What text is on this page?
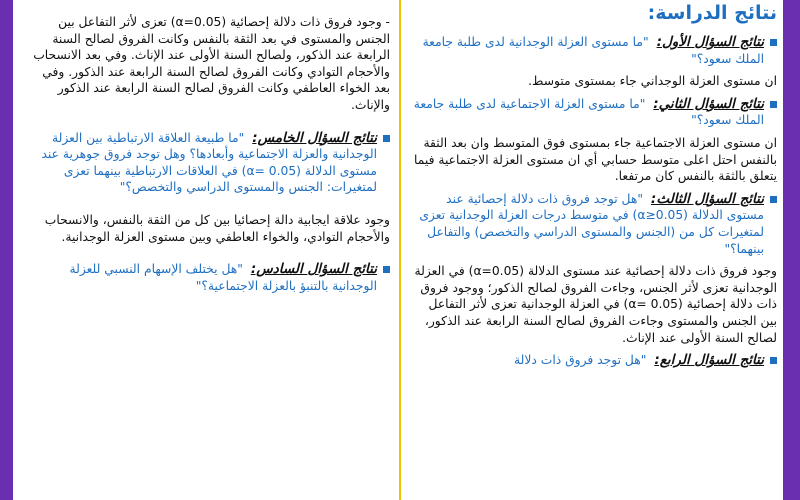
نتائج الدراسة:
نتائج السؤال الأول: "ما مستوى العزلة الوجدانية لدى طلبة جامعة الملك سعود؟"
ان مستوى العزلة الوجداني جاء بمستوى متوسط.
نتائج السؤال الثاني: "ما مستوى العزلة الاجتماعية لدى طلبة جامعة الملك سعود؟"
ان مستوى العزلة الاجتماعية جاء بمستوى فوق المتوسط وان بعد الثقة بالنفس احتل اعلى متوسط حسابي أي ان مستوى العزلة الاجتماعية فيما يتعلق بالثقة بالنفس كان مرتفعا.
نتائج السؤال الثالث: "هل توجد فروق ذات دلالة إحصائية عند مستوى الدلالة (α≥0.05) في متوسط درجات العزلة الوجدانية تعزى لمتغيرات كل من (الجنس والمستوى الدراسي والتخصص) والتفاعل بينهما؟"
وجود فروق ذات دلالة إحصائية عند مستوى الدلالة (α=0.05) في العزلة الوجدانية تعزى لأثر الجنس، وجاءت الفروق لصالح الذكور؛ ووجود فروق ذات دلالة إحصائية (α= 0.05) في العزلة الوجدانية تعزى لأثر التفاعل بين الجنس والمستوى وجاءت الفروق لصالح السنة الرابعة عند الذكور، لصالح السنة الأولى عند الإناث.
نتائج السؤال الرابع: "هل توجد فروق ذات دلالة
- وجود فروق ذات دلالة إحصائية (α=0.05) تعزى لأثر التفاعل بين الجنس والمستوى في بعد الثقة بالنفس وكانت الفروق لصالح السنة الرابعة عند الذكور، ولصالح السنة الأولى عند الإناث. وفي بعد الانسحاب والأحجام التوادي وكانت الفروق لصالح السنة الرابعة عند الذكور. وفي بعد الخواء العاطفي وكانت الفروق لصالح السنة الرابعة عند الذكور والإناث.
نتائج السؤال الخامس: "ما طبيعة العلاقة الارتباطية بين العزلة الوجدانية والعزلة الاجتماعية وأبعادها؟ وهل توجد فروق جوهرية عند مستوى الدلالة (α= 0.05) في العلاقات الارتباطية بينهما تعزى لمتغيرات: الجنس والمستوى الدراسي والتخصص؟"
وجود علاقة ايجابية دالة إحصائيا بين كل من الثقة بالنفس، والانسحاب والأحجام التوادي، والخواء العاطفي وبين مستوى العزلة الوجدانية.
نتائج السؤال السادس: "هل يختلف الإسهام النسبي للعزلة الوجدانية بالتنبؤ بالعزلة الاجتماعية؟"
